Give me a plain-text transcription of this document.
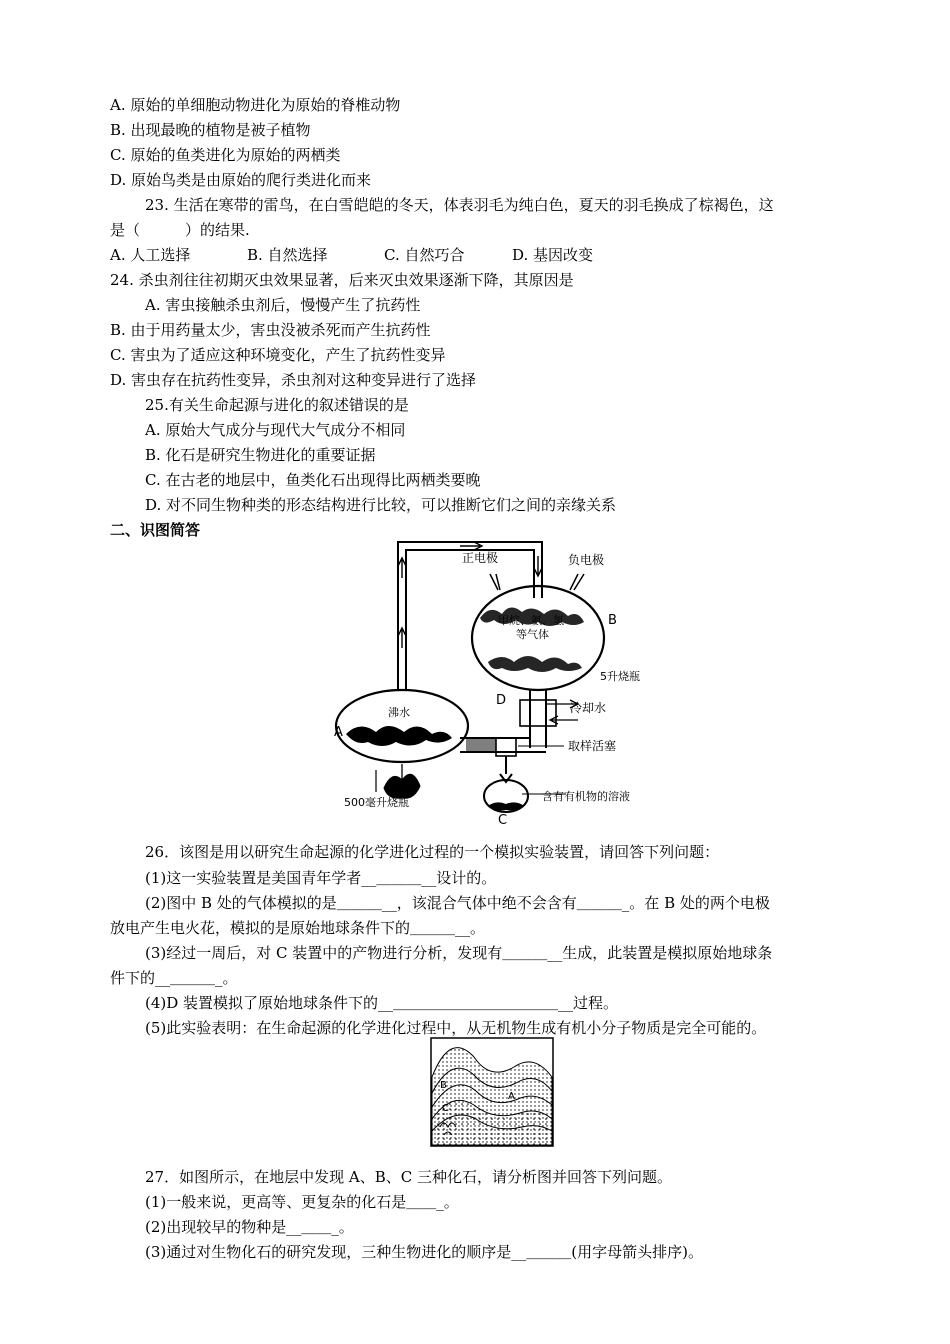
A. 原始的单细胞动物进化为原始的脊椎动物
B. 出现最晚的植物是被子植物
C. 原始的鱼类进化为原始的两栖类
D. 原始鸟类是由原始的爬行类进化而来
23. 生活在寒带的雷鸟，在白雪皑皑的冬天，体表羽毛为纯白色，夏天的羽毛换成了棕褐色，这
是（　　　）的结果.
A. 人工选择	B. 自然选择	C. 自然巧合	D. 基因改变
24. 杀虫剂往往初期灭虫效果显著，后来灭虫效果逐渐下降，其原因是
A. 害虫接触杀虫剂后，慢慢产生了抗药性
B. 由于用药量太少，害虫没被杀死而产生抗药性
C. 害虫为了适应这种环境变化，产生了抗药性变异
D. 害虫存在抗药性变异，杀虫剂对这种变异进行了选择
25.有关生命起源与进化的叙述错误的是
A. 原始大气成分与现代大气成分不相同
B. 化石是研究生物进化的重要证据
C. 在古老的地层中，鱼类化石出现得比两栖类要晚
D. 对不同生物种类的形态结构进行比较，可以推断它们之间的亲缘关系
二、识图简答
正电极	负电极
甲烷、氨、氢
等气体
B
5升烧瓶
D	冷却水
沸水
A
取样活塞
500毫升烧瓶	含有有机物的溶液
C
26．该图是用以研究生命起源的化学进化过程的一个模拟实验装置，请回答下列问题：
(1)这一实验装置是美国青年学者__＿＿＿__设计的。
(2)图中 B 处的气体模拟的是＿＿＿__，该混合气体中绝不会含有＿＿＿_。在 B 处的两个电极
放电产生电火花，模拟的是原始地球条件下的＿＿＿__。
(3)经过一周后，对 C 装置中的产物进行分析，发现有＿＿＿__生成，此装置是模拟原始地球条
件下的__＿＿＿_。
(4)D 装置模拟了原始地球条件下的__＿＿＿＿＿＿＿＿＿＿＿__过程。
(5)此实验表明：在生命起源的化学进化过程中，从无机物生成有机小分子物质是完全可能的。
B
A
C
27．如图所示，在地层中发现 A、B、C 三种化石，请分析图并回答下列问题。
(1)一般来说，更高等、更复杂的化石是＿＿_。
(2)出现较早的物种是__＿＿_。
(3)通过对生物化石的研究发现，三种生物进化的顺序是__＿＿＿(用字母箭头排序)。
